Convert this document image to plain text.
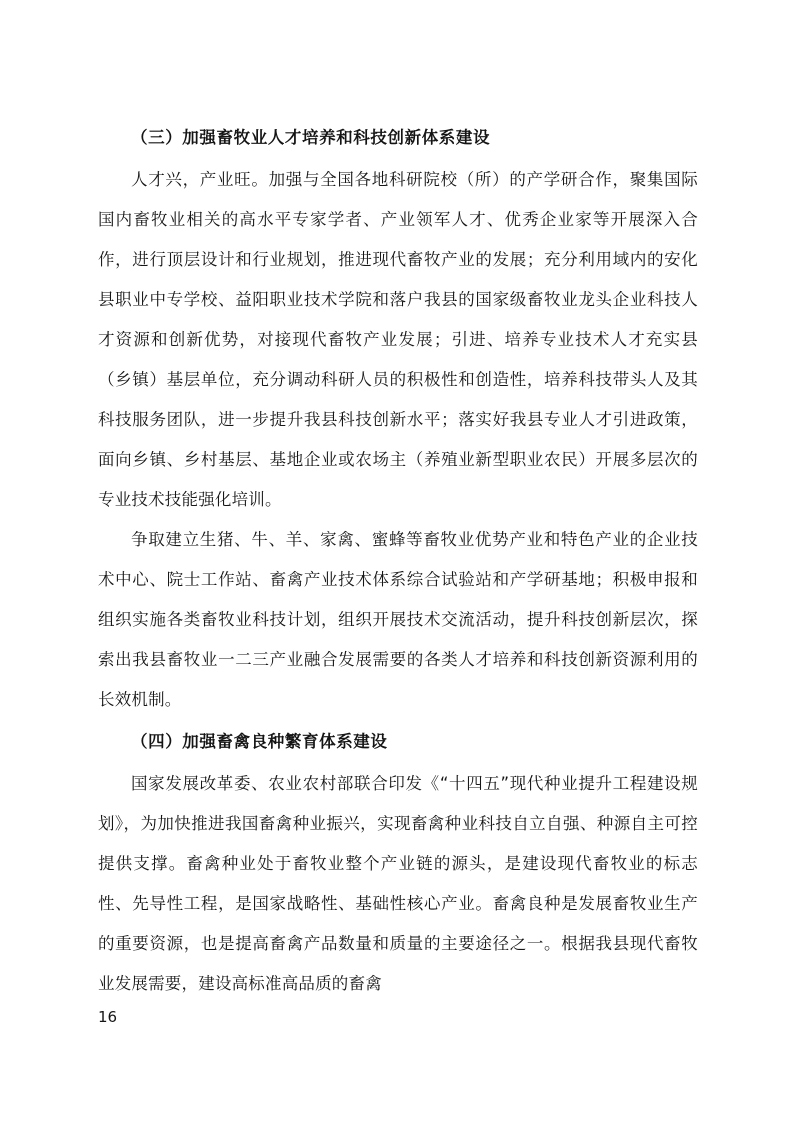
（三）加强畜牧业人才培养和科技创新体系建设

人才兴，产业旺。加强与全国各地科研院校（所）的产学研合作，聚集国际国内畜牧业相关的高水平专家学者、产业领军人才、优秀企业家等开展深入合作，进行顶层设计和行业规划，推进现代畜牧产业的发展；充分利用域内的安化县职业中专学校、益阳职业技术学院和落户我县的国家级畜牧业龙头企业科技人才资源和创新优势，对接现代畜牧产业发展；引进、培养专业技术人才充实县（乡镇）基层单位，充分调动科研人员的积极性和创造性，培养科技带头人及其科技服务团队，进一步提升我县科技创新水平；落实好我县专业人才引进政策，面向乡镇、乡村基层、基地企业或农场主（养殖业新型职业农民）开展多层次的专业技术技能强化培训。

争取建立生猪、牛、羊、家禽、蜜蜂等畜牧业优势产业和特色产业的企业技术中心、院士工作站、畜禽产业技术体系综合试验站和产学研基地；积极申报和组织实施各类畜牧业科技计划，组织开展技术交流活动，提升科技创新层次，探索出我县畜牧业一二三产业融合发展需要的各类人才培养和科技创新资源利用的长效机制。

（四）加强畜禽良种繁育体系建设

国家发展改革委、农业农村部联合印发《“十四五”现代种业提升工程建设规划》，为加快推进我国畜禽种业振兴，实现畜禽种业科技自立自强、种源自主可控提供支撑。畜禽种业处于畜牧业整个产业链的源头，是建设现代畜牧业的标志性、先导性工程，是国家战略性、基础性核心产业。畜禽良种是发展畜牧业生产的重要资源，也是提高畜禽产品数量和质量的主要途径之一。根据我县现代畜牧业发展需要，建设高标准高品质的畜禽

16
